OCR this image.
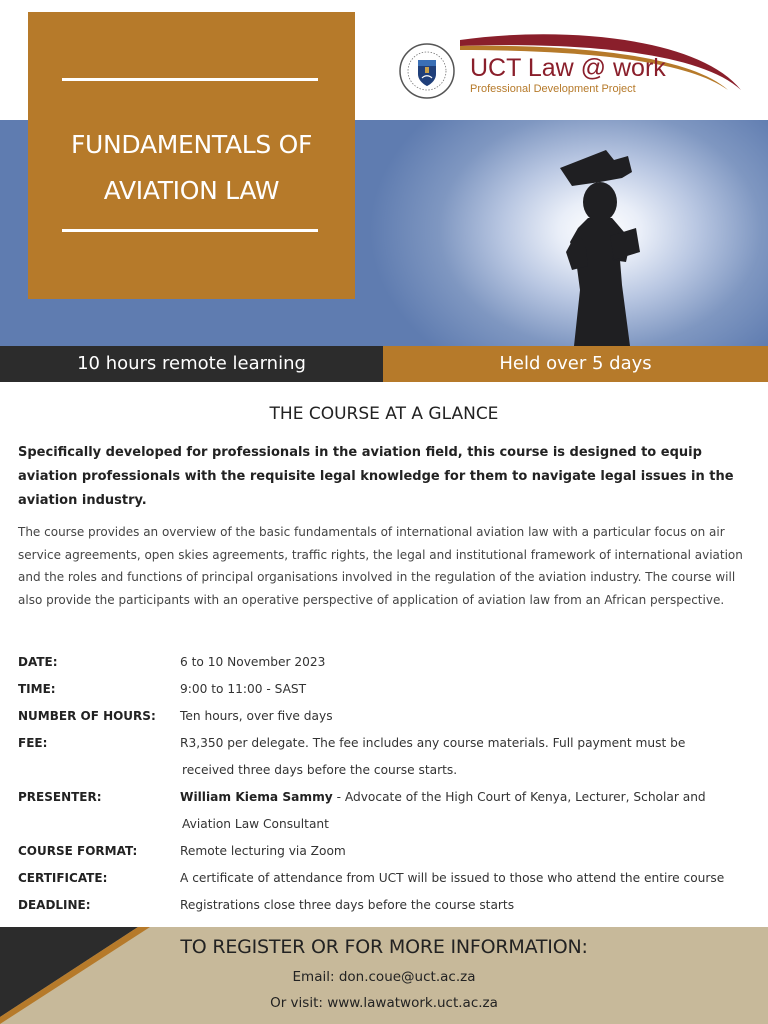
FUNDAMENTALS OF
AVIATION LAW
UCT Law @ work
Professional Development Project
10 hours remote learning	Held over 5 days
THE COURSE AT A GLANCE

Specifically developed for professionals in the aviation field, this course is designed to equip aviation professionals with the requisite legal knowledge for them to navigate legal issues in the aviation industry.

The course provides an overview of the basic fundamentals of international aviation law with a particular focus on air service agreements, open skies agreements, traffic rights, the legal and institutional framework of international aviation and the roles and functions of principal organisations involved in the regulation of the aviation industry. The course will also provide the participants with an operative perspective of application of aviation law from an African perspective.

DATE:	6 to 10 November 2023
TIME:	9:00 to 11:00 - SAST
NUMBER OF HOURS: Ten hours, over five days
FEE:	R3,350 per delegate. The fee includes any course materials. Full payment must be
received three days before the course starts.
PRESENTER:	William Kiema Sammy - Advocate of the High Court of Kenya, Lecturer, Scholar and
Aviation Law Consultant
COURSE FORMAT:	Remote lecturing via Zoom
CERTIFICATE:	A certificate of attendance from UCT will be issued to those who attend the entire course
DEADLINE:	Registrations close three days before the course starts
TO REGISTER OR FOR MORE INFORMATION:
Email: don.coue@uct.ac.za
Or visit: www.lawatwork.uct.ac.za
